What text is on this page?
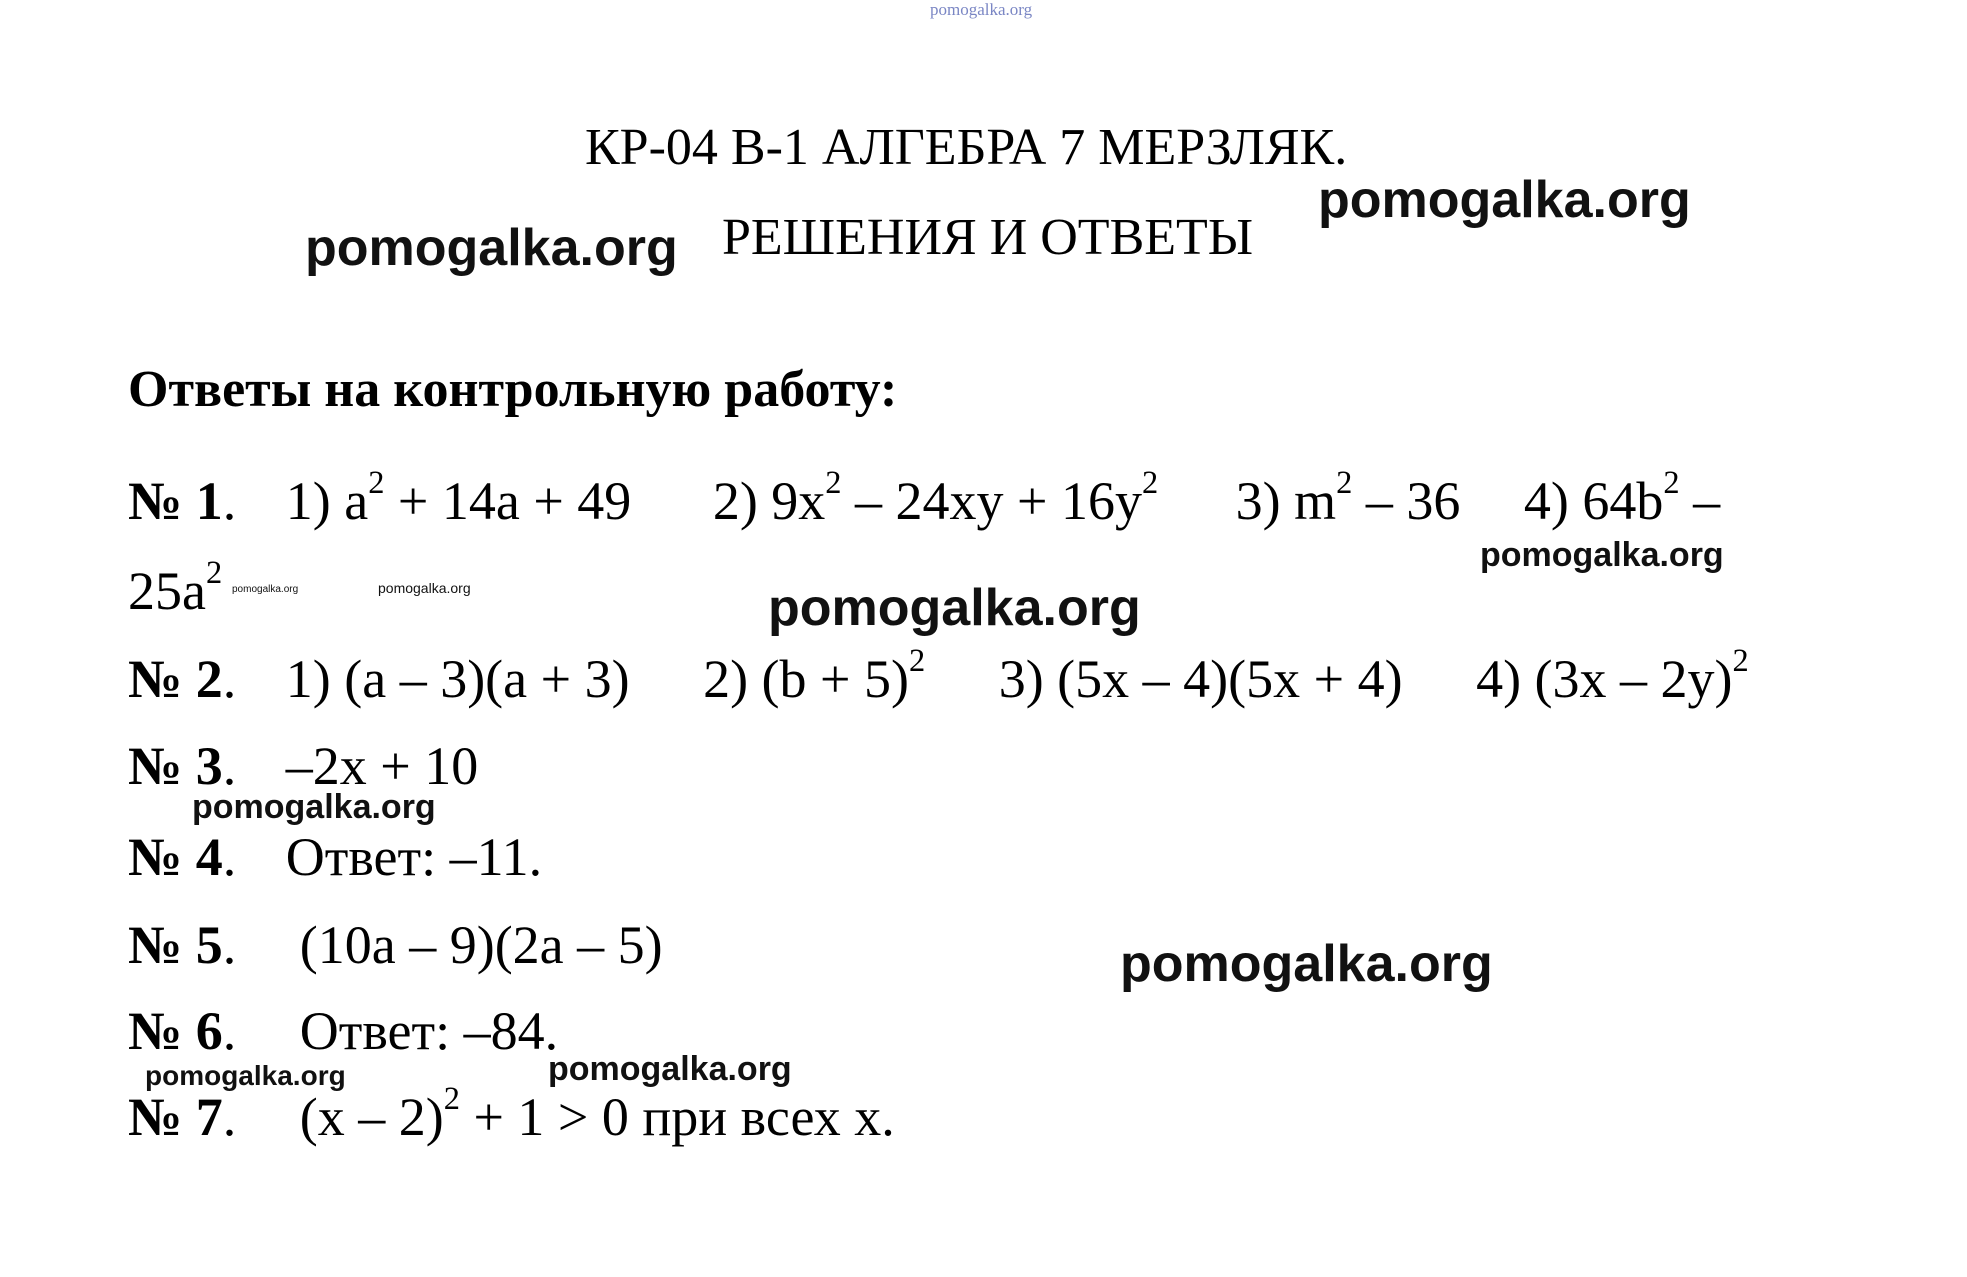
pomogalka.org
КР-04 В-1 АЛГЕБРА 7 МЕРЗЛЯК.
РЕШЕНИЯ И ОТВЕТЫ
pomogalka.org
pomogalka.org
Ответы на контрольную работу:
№ 1. 1) $a^2 + 14a + 49$ 2) $9x^2 - 24xy + 16y^2$ 3) $m^2 - 36$ 4) $64b^2$ –
$25a^2$ pomogalka.org	pomogalka.org
pomogalka.org
pomogalka.org
№ 2. 1) (a – 3)(a + 3) 2) $(b + 5)^2$ 3) (5x – 4)(5x + 4) 4) (3x – 2y)$^2$
№ 3. –2x + 10
pomogalka.org
№ 4. Ответ: –11.
№ 5. (10a – 9)(2a – 5)	pomogalka.org
№ 6. Ответ: –84.
pomogalka.org	pomogalka.org
№ 7. (x – 2)$^2$ + 1 > 0 при всех x.
